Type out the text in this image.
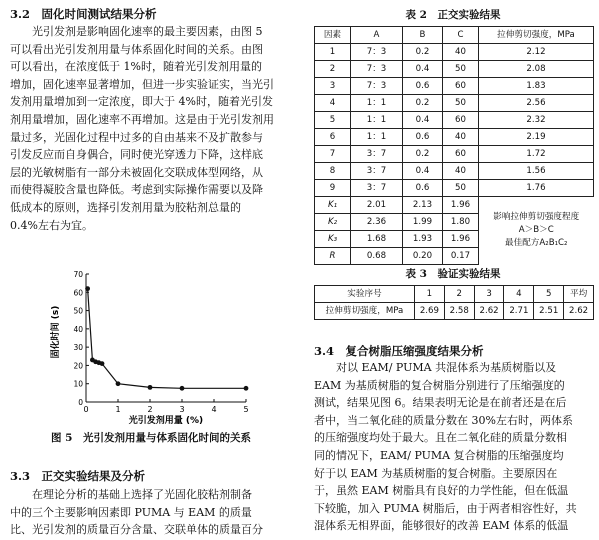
3.2　固化时间测试结果分析
　　光引发剂是影响固化速率的最主要因素，由图 5
可以看出光引发剂用量与体系固化时间的关系。由图
可以看出，在浓度低于 1%时，随着光引发剂用量的
增加，固化速率显著增加，但进一步实验证实，当光引
发剂用量增加到一定浓度，即大于 4%时，随着光引发
剂用量增加，固化速率不再增加。这是由于光引发剂用
量过多，光固化过程中过多的自由基来不及扩散参与
引发反应而自身偶合，同时使光穿透力下降，这样底
层的光敏树脂有一部分未被固化交联成体型网络，从
而使得凝胶含量也降低。考虑到实际操作需要以及降
低成本的原则，选择引发剂用量为胶粘剂总量的
0.4%左右为宜。
0	1	2	3	4	5
0
10
20
30
40
50
60
70
固化时间 (s)
光引发剂用量 (%)
图 5　光引发剂用量与体系固化时间的关系
3.3　正交实验结果及分析
　　在理论分析的基础上选择了光固化胶粘剂制备
中的三个主要影响因素即 PUMA 与 EAM 的质量
比、光引发剂的质量百分含量、交联单体的质量百分
表 2　正交实验结果
因素	A	B	C	拉伸剪切强度，MPa
1	7：3	0.2	40	2.12
2	7：3	0.4	50	2.08
3	7：3	0.6	60	1.83
4	1：1	0.2	50	2.56
5	1：1	0.4	60	2.32
6	1：1	0.6	40	2.19
7	3：7	0.2	60	1.72
8	3：7	0.4	40	1.56
9	3：7	0.6	50	1.76
K₁	2.01	2.13	1.96	影响拉伸剪切强度程度
A＞B＞C
最佳配方A₂B₁C₂

K₂	2.36	1.99	1.80	
K₃	1.68	1.93	1.96	
R	0.68	0.20	0.17	
表 3　验证实验结果
实验序号	1	2	3	4	5	平均
拉伸剪切强度，MPa	2.69	2.58	2.62	2.71	2.51	2.62
3.4　复合树脂压缩强度结果分析
　　对以 EAM/ PUMA 共混体系为基质树脂以及
EAM 为基质树脂的复合树脂分别进行了压缩强度的
测试，结果见图 6。结果表明无论是在前者还是在后
者中，当二氧化硅的质量分数在 30%左右时，两体系
的压缩强度均处于最大。且在二氧化硅的质量分数相
同的情况下，EAM/ PUMA 复合树脂的压缩强度均
好于以 EAM 为基质树脂的复合树脂。主要原因在
于，虽然 EAM 树脂具有良好的力学性能，但在低温
下较脆，加入 PUMA 树脂后，由于两者相容性好，共
混体系无相界面，能够很好的改善 EAM 体系的低温
